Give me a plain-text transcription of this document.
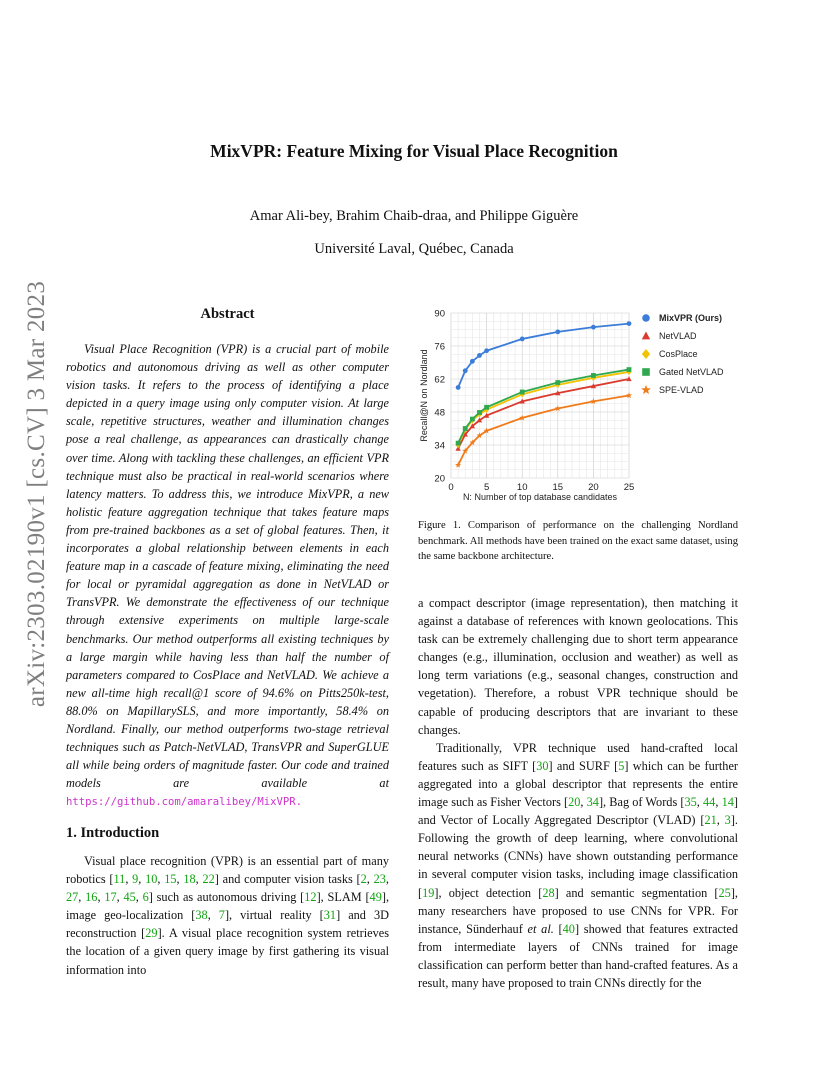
MixVPR: Feature Mixing for Visual Place Recognition
Amar Ali-bey, Brahim Chaib-draa, and Philippe Giguère
Université Laval, Québec, Canada
arXiv:2303.02190v1 [cs.CV] 3 Mar 2023	Abstract

Visual Place Recognition (VPR) is a crucial part of mobile robotics and autonomous driving as well as other computer vision tasks. It refers to the process of identifying a place depicted in a query image using only computer vision. At large scale, repetitive structures, weather and illumination changes pose a real challenge, as appearances can drastically change over time. Along with tackling these challenges, an efficient VPR technique must also be practical in real-world scenarios where latency matters. To address this, we introduce MixVPR, a new holistic feature aggregation technique that takes feature maps from pre-trained backbones as a set of global features. Then, it incorporates a global relationship between elements in each feature map in a cascade of feature mixing, eliminating the need for local or pyramidal aggregation as done in NetVLAD or TransVPR. We demonstrate the effectiveness of our technique through extensive experiments on multiple large-scale benchmarks. Our method outperforms all existing techniques by a large margin while having less than half the number of parameters compared to CosPlace and NetVLAD. We achieve a new all-time high recall@1 score of 94.6% on Pitts250k-test, 88.0% on MapillarySLS, and more importantly, 58.4% on Nordland. Finally, our method outperforms two-stage retrieval techniques such as Patch-NetVLAD, TransVPR and SuperGLUE all while being orders of magnitude faster. Our code and trained models are available at https://github.com/amaralibey/MixVPR.

1. Introduction

Visual place recognition (VPR) is an essential part of many robotics [11, 9, 10, 15, 18, 22] and computer vision tasks [2, 23, 27, 16, 17, 45, 6] such as autonomous driving [12], SLAM [49], image geo-localization [38, 7], virtual reality [31] and 3D reconstruction [29]. A visual place recognition system retrieves the location of a given query image by first gathering its visual information into

20
34
48
62
76
90
0	5	10	15	20	25
N: Number of top database candidates
Recall@N on Nordland
MixVPR (Ours)
NetVLAD
CosPlace
Gated NetVLAD
SPE-VLAD
Figure 1. Comparison of performance on the challenging Nordland benchmark. All methods have been trained on the exact same dataset, using the same backbone architecture.

a compact descriptor (image representation), then matching it against a database of references with known geolocations. This task can be extremely challenging due to short term appearance changes (e.g., illumination, occlusion and weather) as well as long term variations (e.g., seasonal changes, construction and vegetation). Therefore, a robust VPR technique should be capable of producing descriptors that are invariant to these changes.

Traditionally, VPR technique used hand-crafted local features such as SIFT [30] and SURF [5] which can be further aggregated into a global descriptor that represents the entire image such as Fisher Vectors [20, 34], Bag of Words [35, 44, 14] and Vector of Locally Aggregated Descriptor (VLAD) [21, 3]. Following the growth of deep learning, where convolutional neural networks (CNNs) have shown outstanding performance in several computer vision tasks, including image classification [19], object detection [28] and semantic segmentation [25], many researchers have proposed to use CNNs for VPR. For instance, Sünderhauf et al. [40] showed that features extracted from intermediate layers of CNNs trained for image classification can perform better than hand-crafted features. As a result, many have proposed to train CNNs directly for the
